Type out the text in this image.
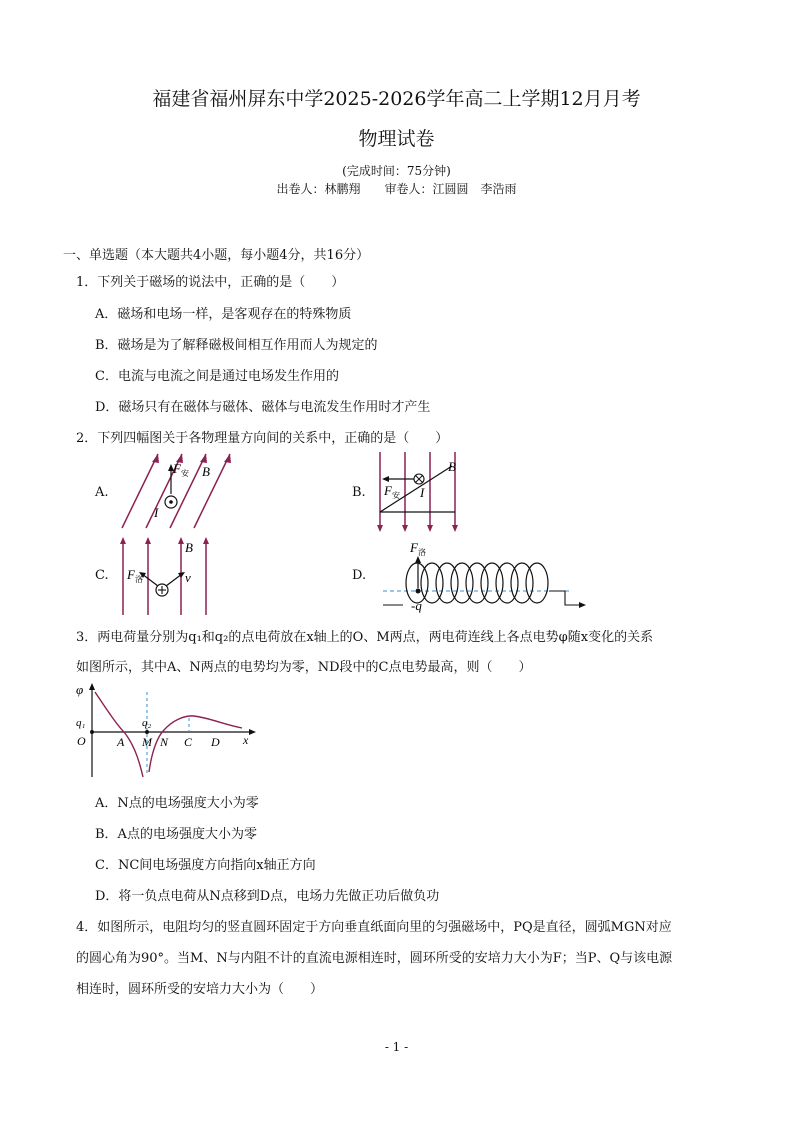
福建省福州屏东中学2025-2026学年高二上学期12月月考
物理试卷
(完成时间：75分钟)
出卷人：林鹏翔　　审卷人：江圆圆　李浩雨
一、单选题（本大题共4小题，每小题4分，共16分）
1．下列关于磁场的说法中，正确的是（　　）
A．磁场和电场一样，是客观存在的特殊物质
B．磁场是为了解释磁极间相互作用而人为规定的
C．电流与电流之间是通过电场发生作用的
D．磁场只有在磁体与磁体、磁体与电流发生作用时才产生
2．下列四幅图关于各物理量方向间的关系中，正确的是（　　）
A.
F 安 B
I
B.
B
F 安 I
C.
B
F 洛	v	D.
F 洛
-q
3．两电荷量分别为q₁和q₂的点电荷放在x轴上的O、M两点，两电荷连线上各点电势φ随x变化的关系
如图所示，其中A、N两点的电势均为零，ND段中的C点电势最高，则（　　）
φ
q₁	q₂
O	A M N C D x
A．N点的电场强度大小为零
B．A点的电场强度大小为零
C．NC间电场强度方向指向x轴正方向
D．将一负点电荷从N点移到D点，电场力先做正功后做负功
4．如图所示，电阻均匀的竖直圆环固定于方向垂直纸面向里的匀强磁场中，PQ是直径，圆弧MGN对应
的圆心角为90°。当M、N与内阻不计的直流电源相连时，圆环所受的安培力大小为F；当P、Q与该电源
相连时，圆环所受的安培力大小为（　　）
- 1 -
